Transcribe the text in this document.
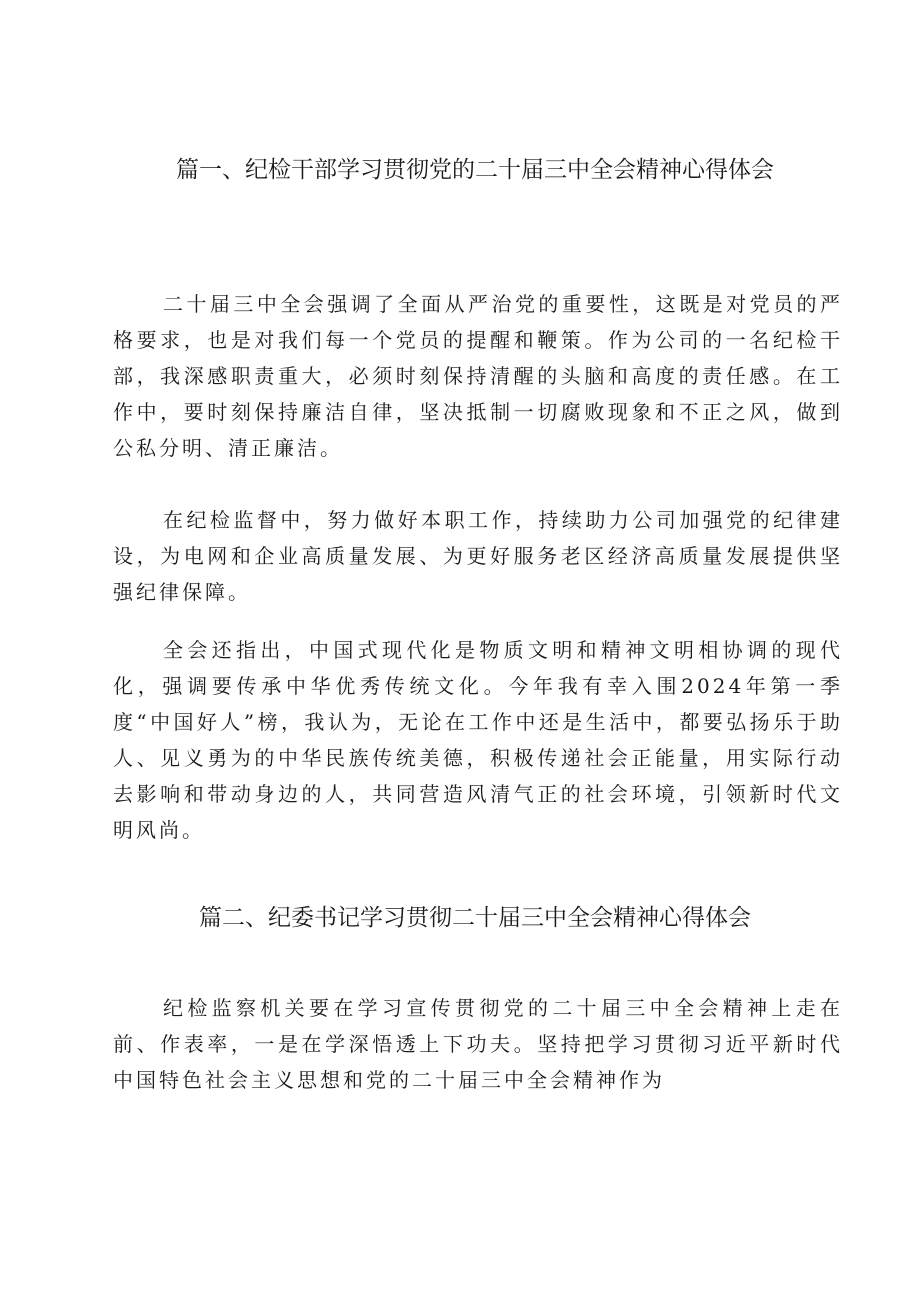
篇一、纪检干部学习贯彻党的二十届三中全会精神心得体会

二十届三中全会强调了全面从严治党的重要性，这既是对党员的严格要求，也是对我们每一个党员的提醒和鞭策。作为公司的一名纪检干部，我深感职责重大，必须时刻保持清醒的头脑和高度的责任感。在工作中，要时刻保持廉洁自律，坚决抵制一切腐败现象和不正之风，做到公私分明、清正廉洁。

在纪检监督中，努力做好本职工作，持续助力公司加强党的纪律建设，为电网和企业高质量发展、为更好服务老区经济高质量发展提供坚强纪律保障。

全会还指出，中国式现代化是物质文明和精神文明相协调的现代化，强调要传承中华优秀传统文化。今年我有幸入围2024年第一季度“中国好人”榜，我认为，无论在工作中还是生活中，都要弘扬乐于助人、见义勇为的中华民族传统美德，积极传递社会正能量，用实际行动去影响和带动身边的人，共同营造风清气正的社会环境，引领新时代文明风尚。

篇二、纪委书记学习贯彻二十届三中全会精神心得体会

纪检监察机关要在学习宣传贯彻党的二十届三中全会精神上走在前、作表率，一是在学深悟透上下功夫。坚持把学习贯彻习近平新时代中国特色社会主义思想和党的二十届三中全会精神作为
